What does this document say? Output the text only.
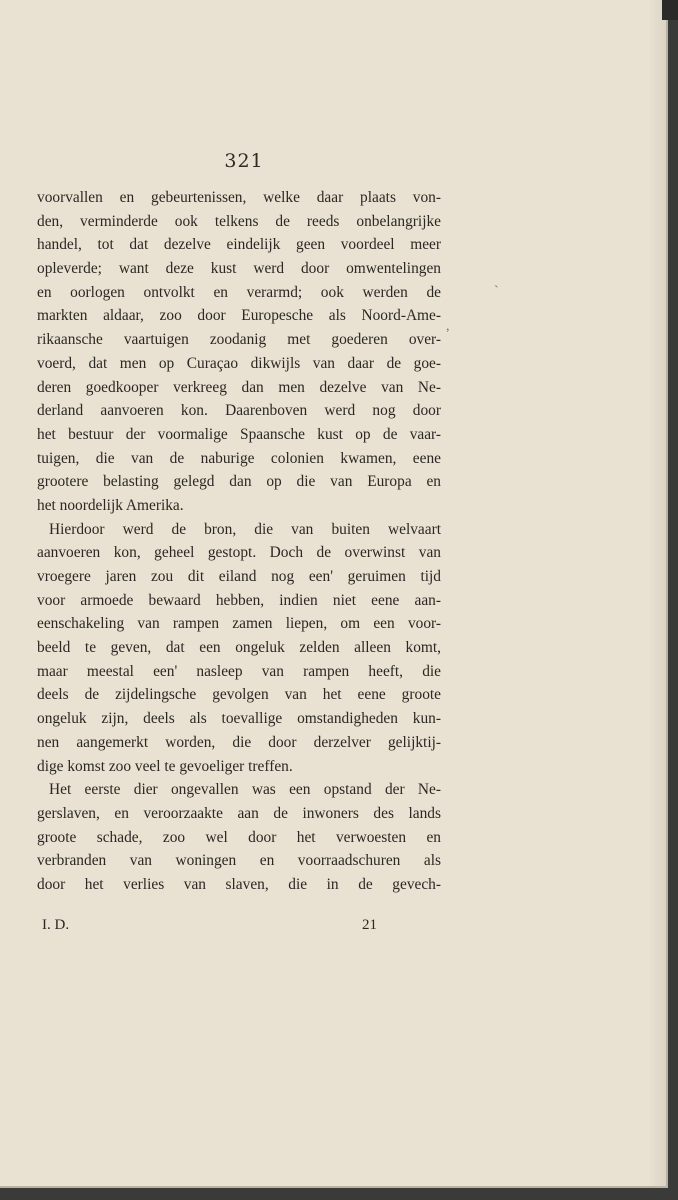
321
voorvallen en gebeurtenissen, welke daar plaats von-
den, verminderde ook telkens de reeds onbelangrijke
handel, tot dat dezelve eindelijk geen voordeel meer
opleverde; want deze kust werd door omwentelingen
en oorlogen ontvolkt en verarmd; ook werden de
markten aldaar, zoo door Europesche als Noord-Ame-
rikaansche vaartuigen zoodanig met goederen over-
voerd, dat men op Curaçao dikwijls van daar de goe-
deren goedkooper verkreeg dan men dezelve van Ne-
derland aanvoeren kon. Daarenboven werd nog door
het bestuur der voormalige Spaansche kust op de vaar-
tuigen, die van de naburige colonien kwamen, eene
grootere belasting gelegd dan op die van Europa en
het noordelijk Amerika.
Hierdoor werd de bron, die van buiten welvaart
aanvoeren kon, geheel gestopt. Doch de overwinst van
vroegere jaren zou dit eiland nog een' geruimen tijd
voor armoede bewaard hebben, indien niet eene aan-
eenschakeling van rampen zamen liepen, om een voor-
beeld te geven, dat een ongeluk zelden alleen komt,
maar meestal een' nasleep van rampen heeft, die
deels de zijdelingsche gevolgen van het eene groote
ongeluk zijn, deels als toevallige omstandigheden kun-
nen aangemerkt worden, die door derzelver gelijktij-
dige komst zoo veel te gevoeliger treffen.
Het eerste dier ongevallen was een opstand der Ne-
gerslaven, en veroorzaakte aan de inwoners des lands
groote schade, zoo wel door het verwoesten en
verbranden van woningen en voorraadschuren als
door het verlies van slaven, die in de gevech-
I. D.	21
ˋ
,
